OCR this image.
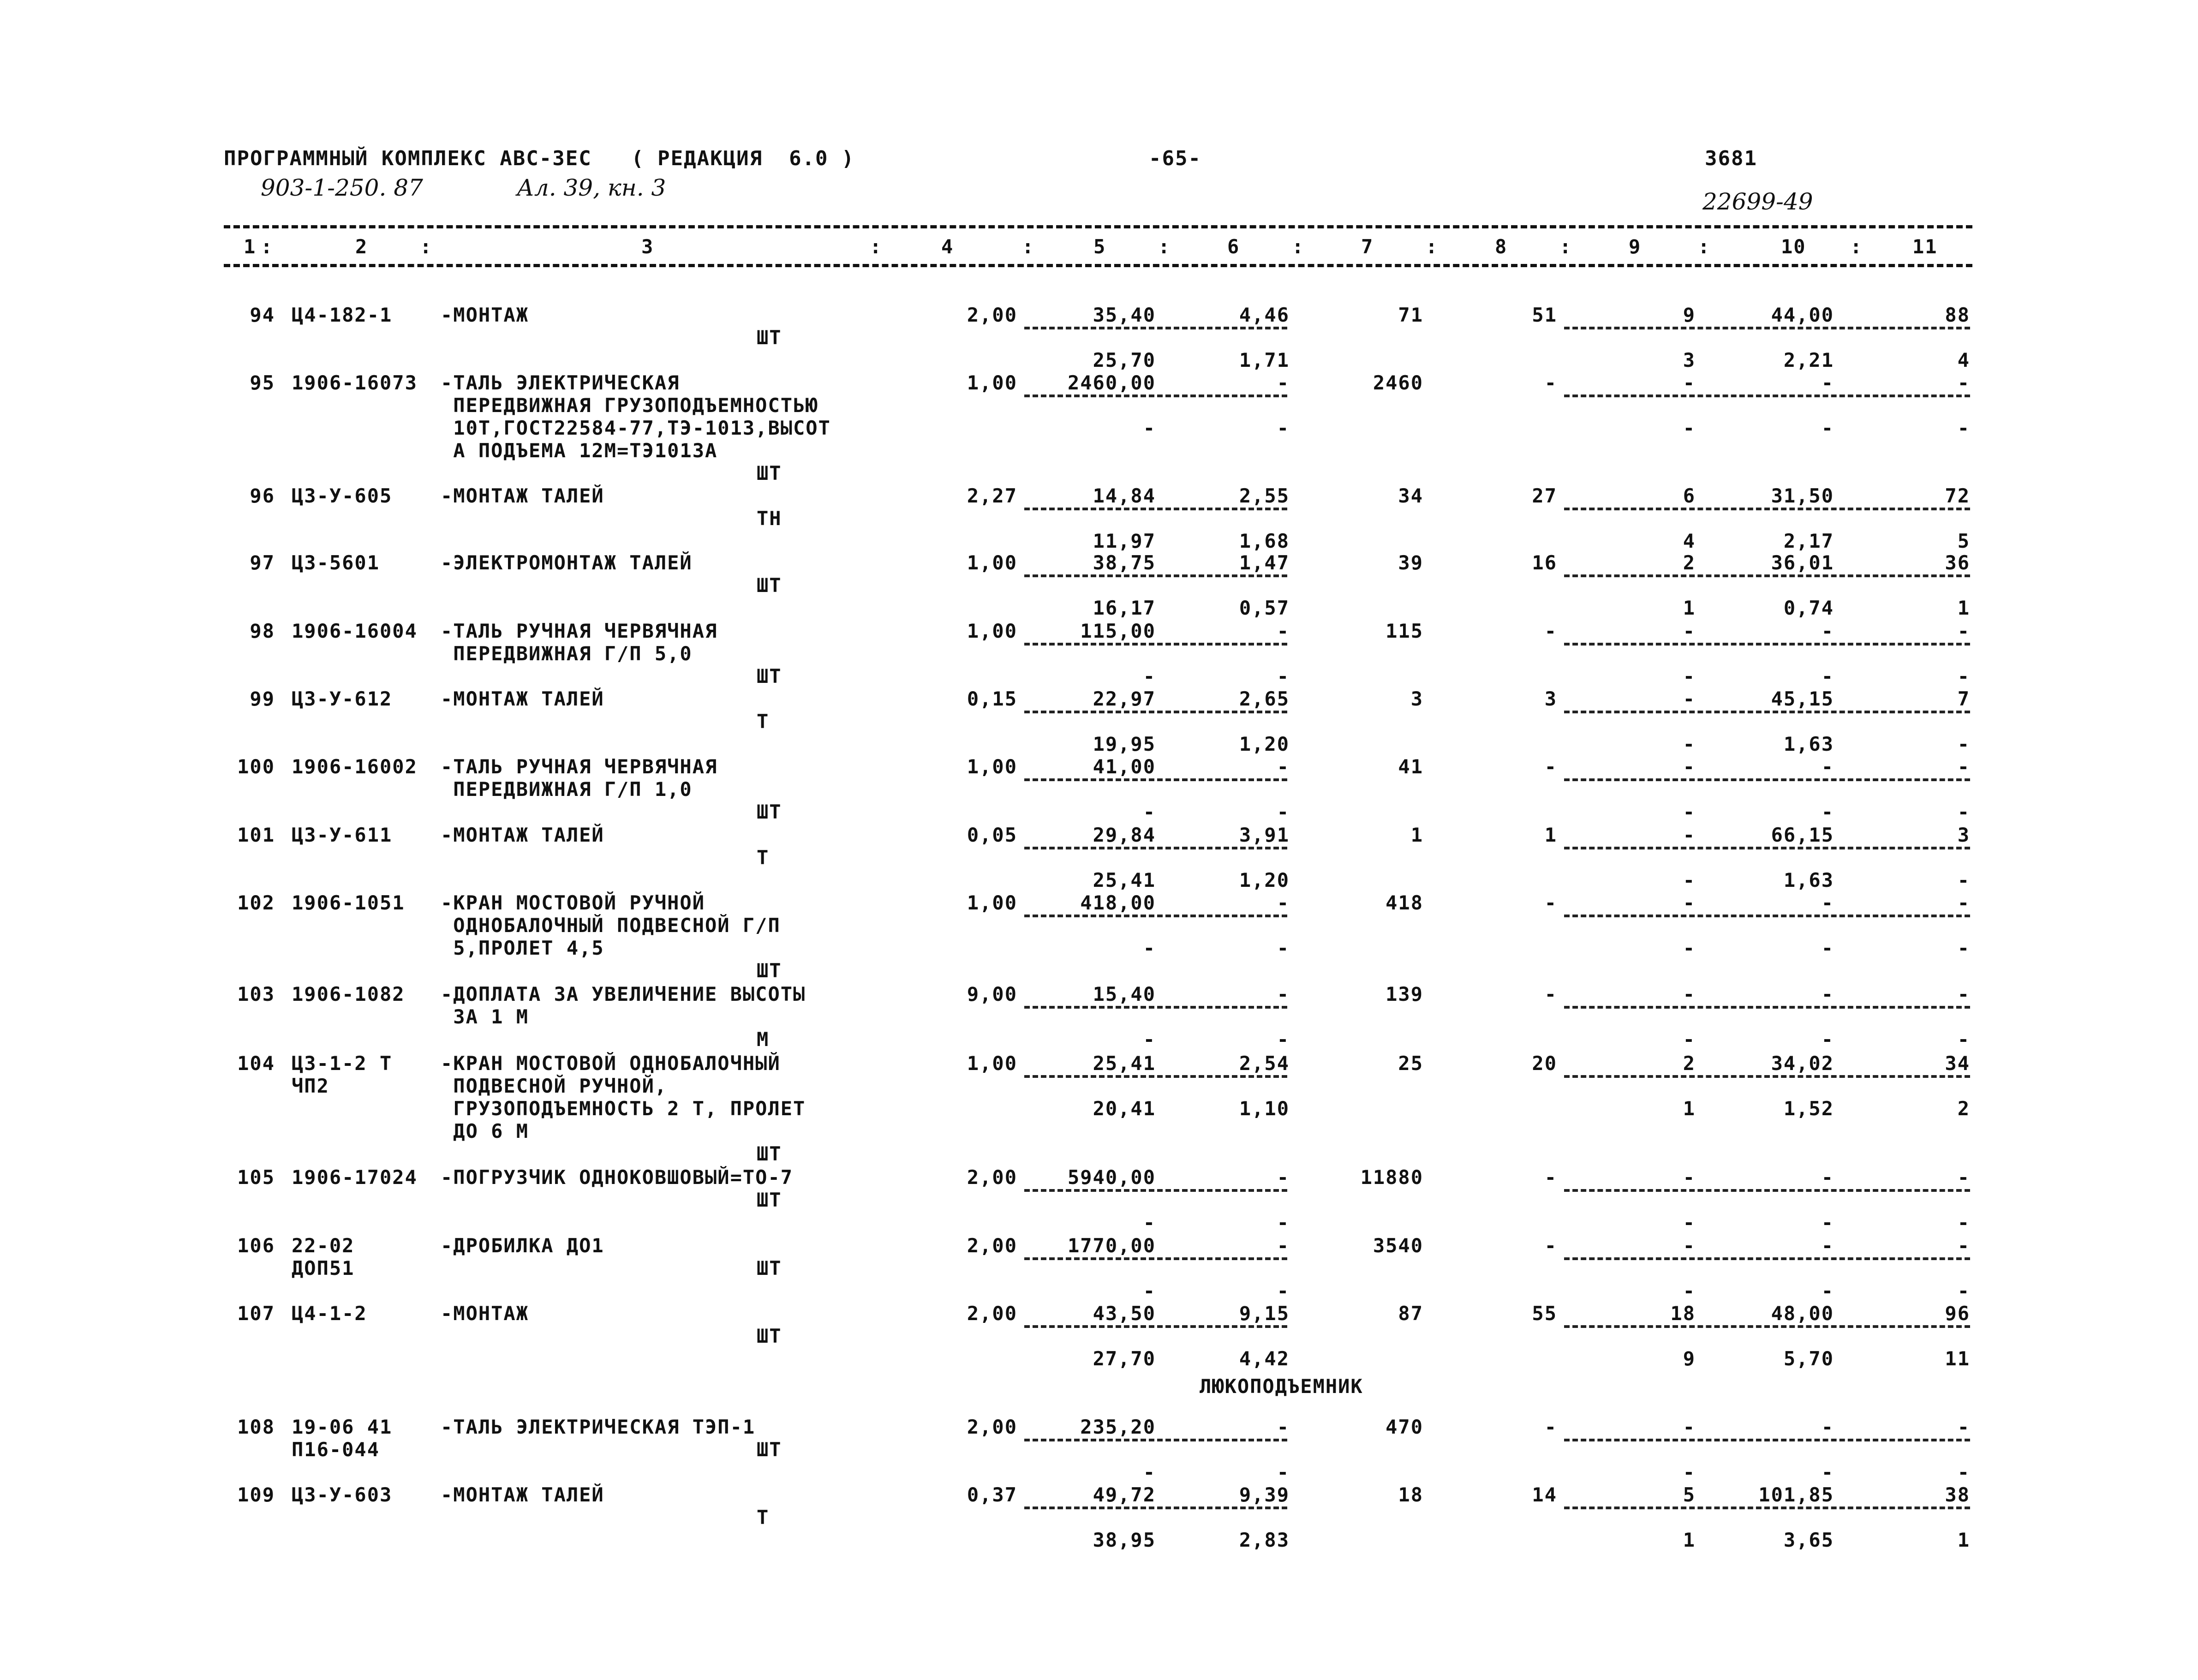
ПРОГРАММНЫЙ КОМПЛЕКС АВС-ЗЕС   ( РЕДАКЦИЯ  6.0 )	-65-	3681
903-1-250. 87	Ал. 39, кн. 3
22699-49
1	2	3	4	5	6	7	8	9	10	11
:	:	:	:	:	:	:	:	:	:
94 Ц4-182-1 -МОНТАЖ
ШТ
2,00	35,40	4,46	71	51	9	44,00	88
25,70	1,71	3	2,21	4
95 1906-16073 -ТАЛЬ ЭЛЕКТРИЧЕСКАЯ
ПЕРЕДВИЖНАЯ ГРУЗОПОДЪЕМНОСТЬЮ
10Т,ГОСТ22584-77,ТЭ-1013,ВЫСОТ
А ПОДЪЕМА 12М=ТЭ1013А
ШТ
1,00	2460,00	-	2460	-	-	-	-
-	-	-	-	-
96 Ц3-У-605 -МОНТАЖ ТАЛЕЙ
ТН
2,27	14,84	2,55	34	27	6	31,50	72
11,97	1,68	4	2,17	5
97 Ц3-5601	-ЭЛЕКТРОМОНТАЖ ТАЛЕЙ
ШТ
1,00	38,75	1,47	39	16	2	36,01	36
16,17	0,57	1	0,74	1
98 1906-16004 -ТАЛЬ РУЧНАЯ ЧЕРВЯЧНАЯ
ПЕРЕДВИЖНАЯ Г/П 5,0
ШТ
1,00	115,00	-	115	-	-	-	-
-	-	-	-	-
99 Ц3-У-612 -МОНТАЖ ТАЛЕЙ
Т
0,15	22,97	2,65	3	3	-	45,15	7
19,95	1,20	-	1,63	-
100 1906-16002 -ТАЛЬ РУЧНАЯ ЧЕРВЯЧНАЯ
ПЕРЕДВИЖНАЯ Г/П 1,0
ШТ
1,00	41,00	-	41	-	-	-	-
-	-	-	-	-
101 Ц3-У-611 -МОНТАЖ ТАЛЕЙ
Т
0,05	29,84	3,91	1	1	-	66,15	3
25,41	1,20	-	1,63	-
102 1906-1051 -КРАН МОСТОВОЙ РУЧНОЙ
ОДНОБАЛОЧНЫЙ ПОДВЕСНОЙ Г/П
5,ПРОЛЕТ 4,5
ШТ
1,00	418,00	-	418	-	-	-	-
-	-	-	-	-
103 1906-1082 -ДОПЛАТА ЗА УВЕЛИЧЕНИЕ ВЫСОТЫ
ЗА 1 М
М
9,00	15,40	-	139	-	-	-	-
-	-	-	-	-
104 Ц3-1-2 Т
ЧП2
-КРАН МОСТОВОЙ ОДНОБАЛОЧНЫЙ
ПОДВЕСНОЙ РУЧНОЙ,
ГРУЗОПОДЪЕМНОСТЬ 2 Т, ПРОЛЕТ
ДО 6 М
ШТ
1,00	25,41	2,54	25	20	2	34,02	34
20,41	1,10	1	1,52	2
105 1906-17024 -ПОГРУЗЧИК ОДНОКОВШОВЫЙ=ТО-7
ШТ
2,00	5940,00	-	11880	-	-	-	-
-	-	-	-	-
106 22-02
ДОП51
-ДРОБИЛКА ДО1
ШТ
2,00	1770,00	-	3540	-	-	-	-
-	-	-	-	-
107 Ц4-1-2	-МОНТАЖ
ШТ
2,00	43,50	9,15	87	55	18	48,00	96
27,70	4,42	9	5,70	11
108 19-06 41
П16-044
-ТАЛЬ ЭЛЕКТРИЧЕСКАЯ ТЭП-1
ШТ
2,00	235,20	-	470	-	-	-	-
-	-	-	-	-
109 Ц3-У-603 -МОНТАЖ ТАЛЕЙ
Т
0,37	49,72	9,39	18	14	5	101,85	38
38,95	2,83	1	3,65	1
ЛЮКОПОДЪЕМНИК
